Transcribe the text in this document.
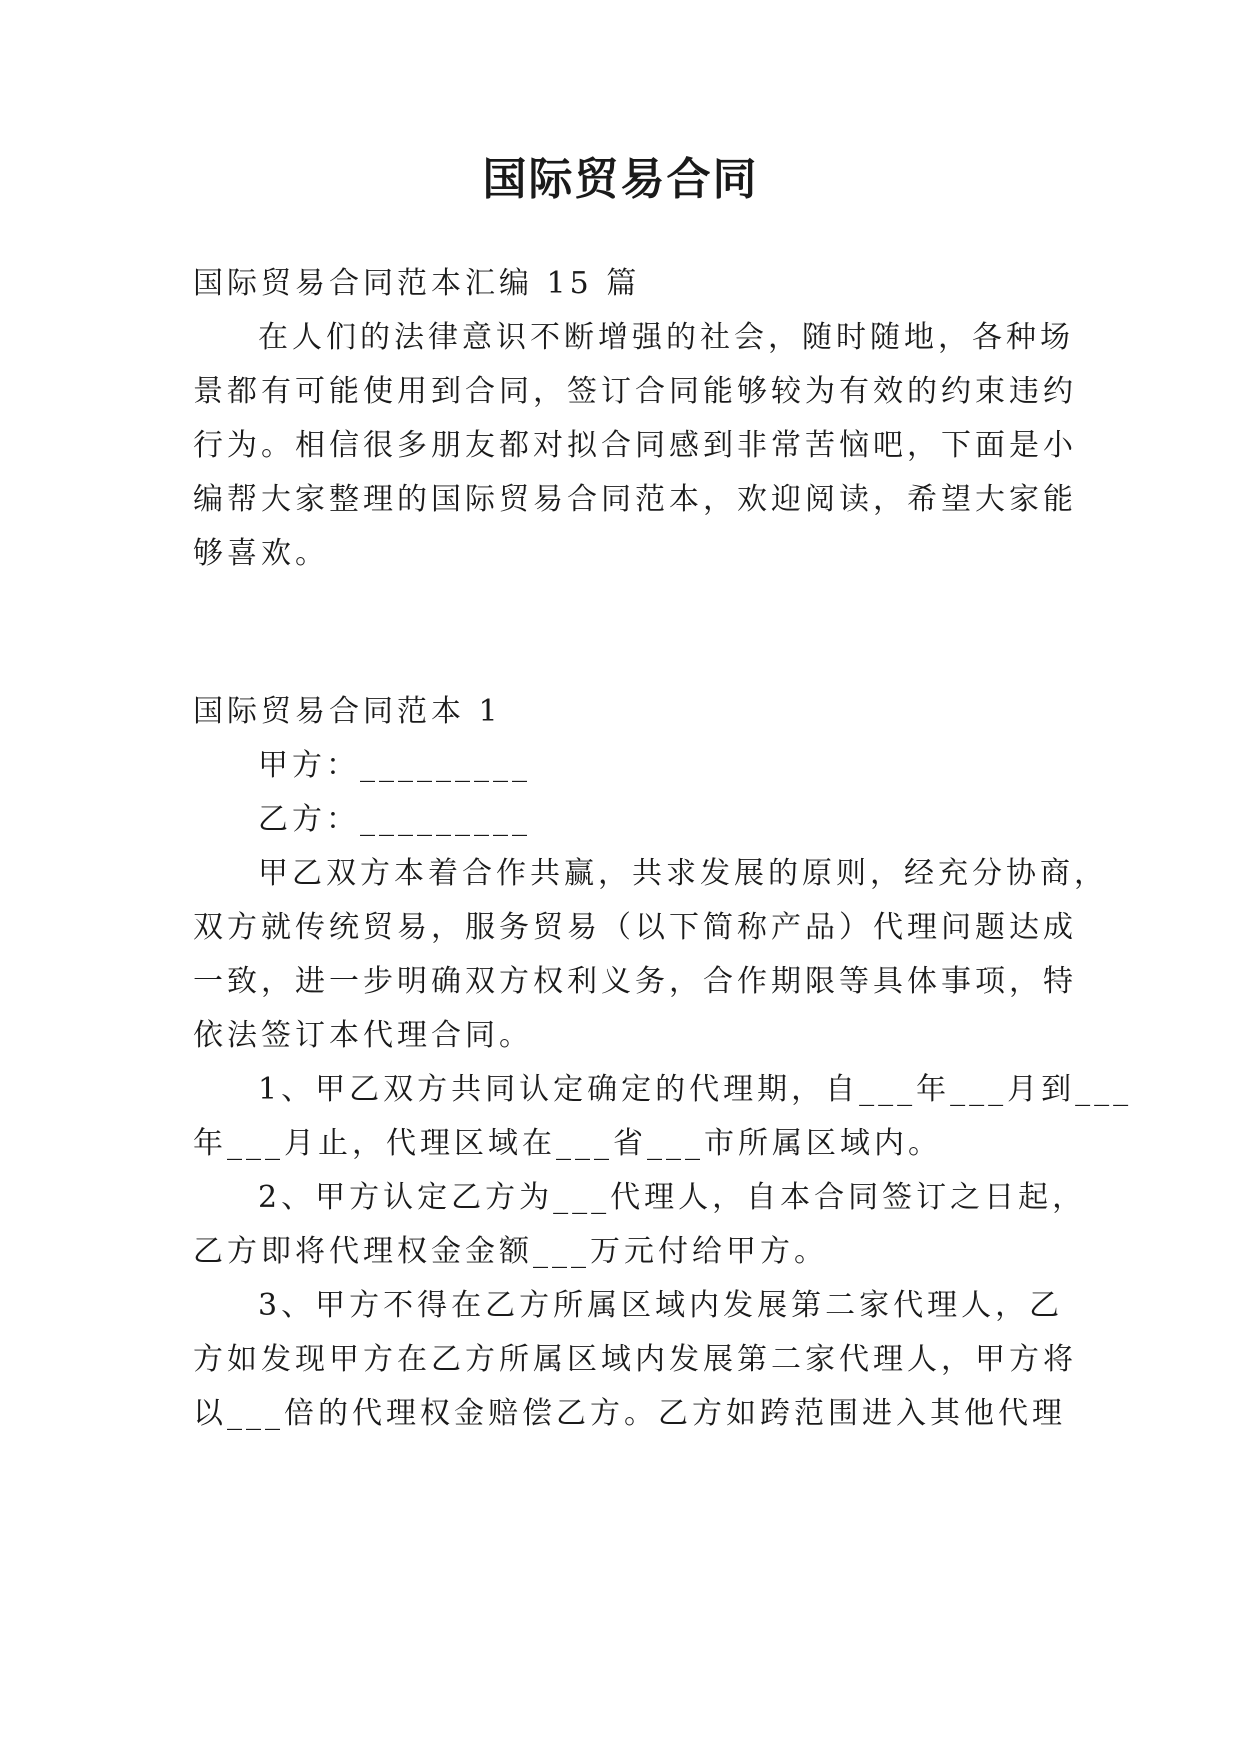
国际贸易合同
国际贸易合同范本汇编 15 篇
在人们的法律意识不断增强的社会，随时随地，各种场
景都有可能使用到合同，签订合同能够较为有效的约束违约
行为。相信很多朋友都对拟合同感到非常苦恼吧，下面是小
编帮大家整理的国际贸易合同范本，欢迎阅读，希望大家能
够喜欢。
国际贸易合同范本 1
甲方：_________
乙方：_________
甲乙双方本着合作共赢，共求发展的原则，经充分协商，
双方就传统贸易，服务贸易（以下简称产品）代理问题达成
一致，进一步明确双方权利义务，合作期限等具体事项，特
依法签订本代理合同。
1、甲乙双方共同认定确定的代理期，自___年___月到___
年___月止，代理区域在___省___市所属区域内。
2、甲方认定乙方为___代理人，自本合同签订之日起，
乙方即将代理权金金额___万元付给甲方。
3、甲方不得在乙方所属区域内发展第二家代理人，乙
方如发现甲方在乙方所属区域内发展第二家代理人，甲方将
以___倍的代理权金赔偿乙方。乙方如跨范围进入其他代理
